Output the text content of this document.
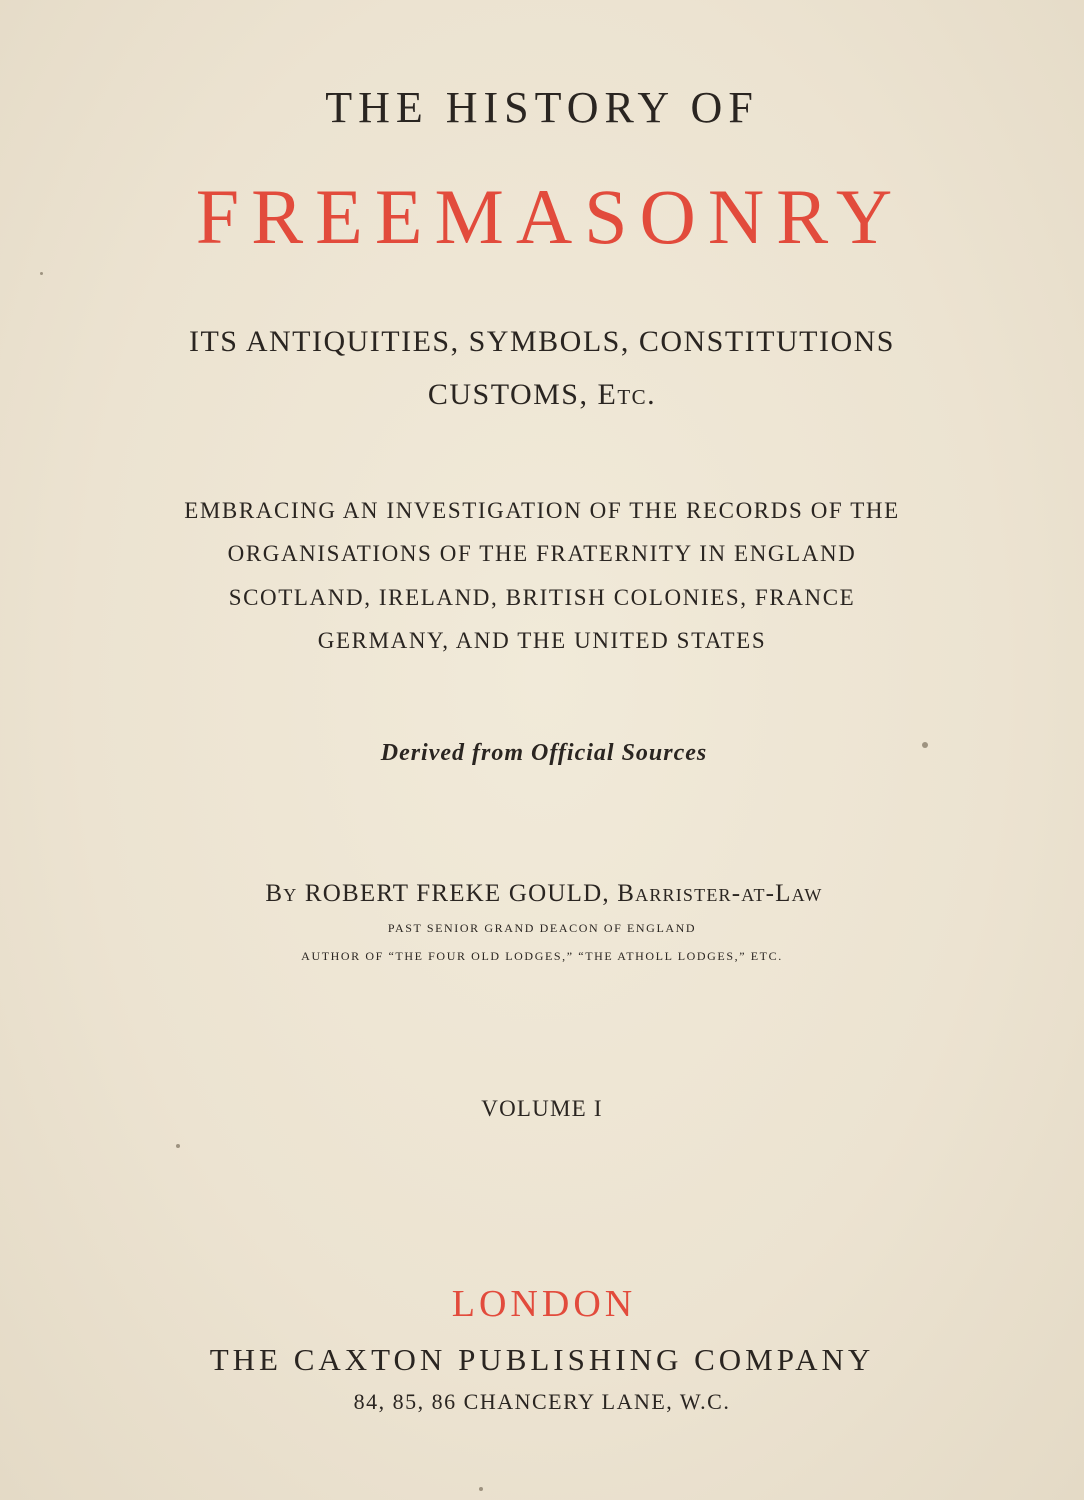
THE HISTORY OF
FREEMASONRY
ITS ANTIQUITIES, SYMBOLS, CONSTITUTIONS
CUSTOMS, Etc.
EMBRACING AN INVESTIGATION OF THE RECORDS OF THE
ORGANISATIONS OF THE FRATERNITY IN ENGLAND
SCOTLAND, IRELAND, BRITISH COLONIES, FRANCE
GERMANY, AND THE UNITED STATES
Derived from Official Sources
By ROBERT FREKE GOULD, Barrister-at-Law
PAST SENIOR GRAND DEACON OF ENGLAND
AUTHOR OF “THE FOUR OLD LODGES,” “THE ATHOLL LODGES,” ETC.
VOLUME I
LONDON
THE CAXTON PUBLISHING COMPANY
84, 85, 86 CHANCERY LANE, W.C.
